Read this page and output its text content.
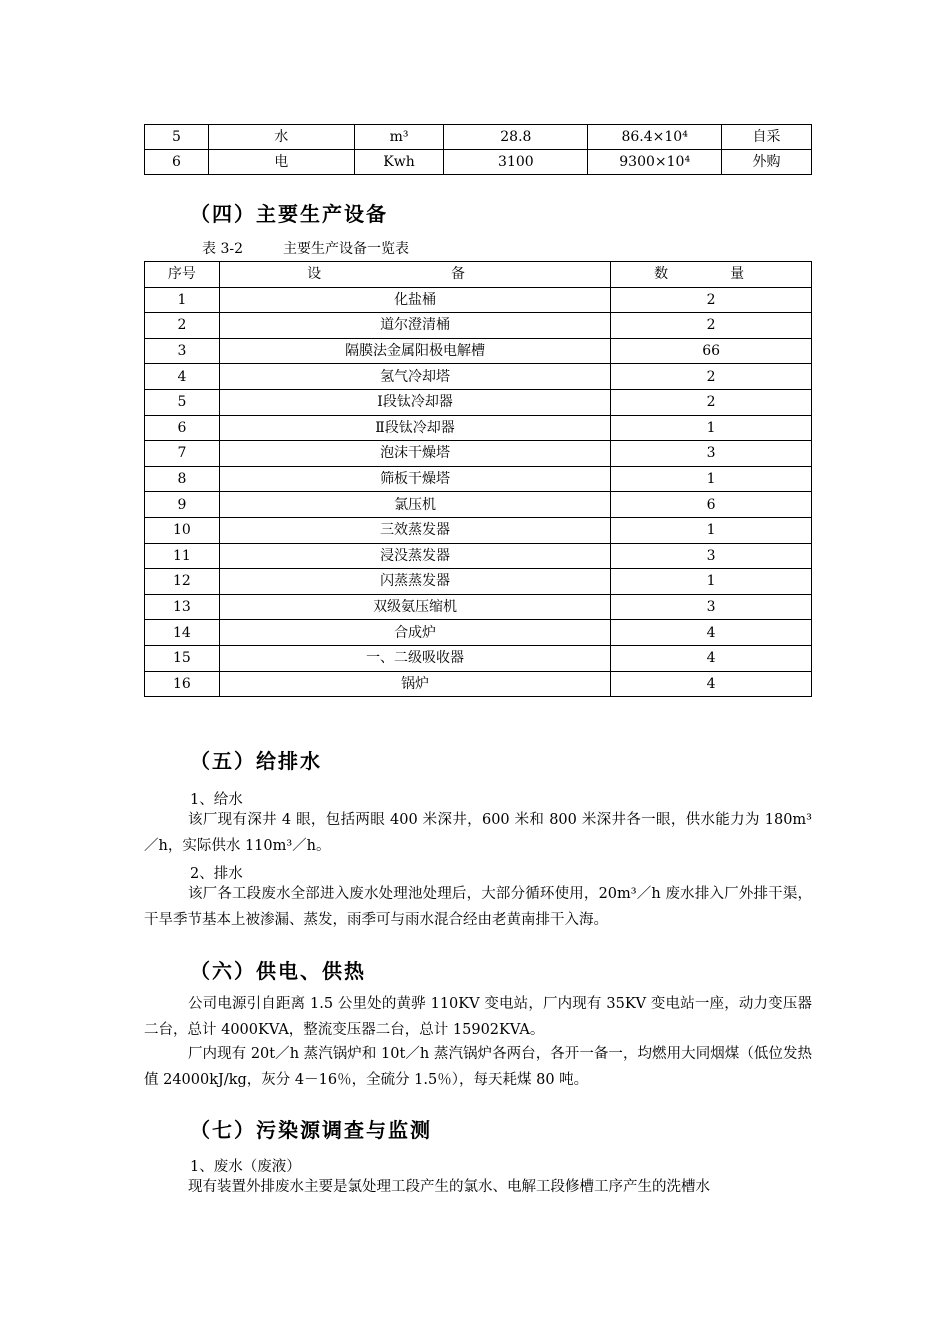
5	水	m³	28.8	86.4×10⁴	自采
6	电	Kwh	3100	9300×10⁴	外购
（四）主要生产设备
表 3-2	主要生产设备一览表
序号	设　备	数　量
1	化盐桶	2
2	道尔澄清桶	2
3	隔膜法金属阳极电解槽	66
4	氢气冷却塔	2
5	Ⅰ段钛冷却器	2
6	Ⅱ段钛冷却器	1
7	泡沫干燥塔	3
8	筛板干燥塔	1
9	氯压机	6
10	三效蒸发器	1
11	浸没蒸发器	3
12	闪蒸蒸发器	1
13	双级氨压缩机	3
14	合成炉	4
15	一、二级吸收器	4
16	锅炉	4
（五）给排水
1、给水
该厂现有深井 4 眼，包括两眼 400 米深井，600 米和 800 米深井各一眼，供水能力为 180m³／h，实际供水 110m³／h。
2、排水
该厂各工段废水全部进入废水处理池处理后，大部分循环使用，20m³／h 废水排入厂外排干渠，干旱季节基本上被渗漏、蒸发，雨季可与雨水混合经由老黄南排干入海。
（六）供电、供热
公司电源引自距离 1.5 公里处的黄骅 110KV 变电站，厂内现有 35KV 变电站一座，动力变压器二台，总计 4000KVA，整流变压器二台，总计 15902KVA。
厂内现有 20t／h 蒸汽锅炉和 10t／h 蒸汽锅炉各两台，各开一备一，均燃用大同烟煤（低位发热值 24000kJ/kg，灰分 4－16％，全硫分 1.5％），每天耗煤 80 吨。
（七）污染源调查与监测
1、废水（废液）
现有装置外排废水主要是氯处理工段产生的氯水、电解工段修槽工序产生的洗槽水
